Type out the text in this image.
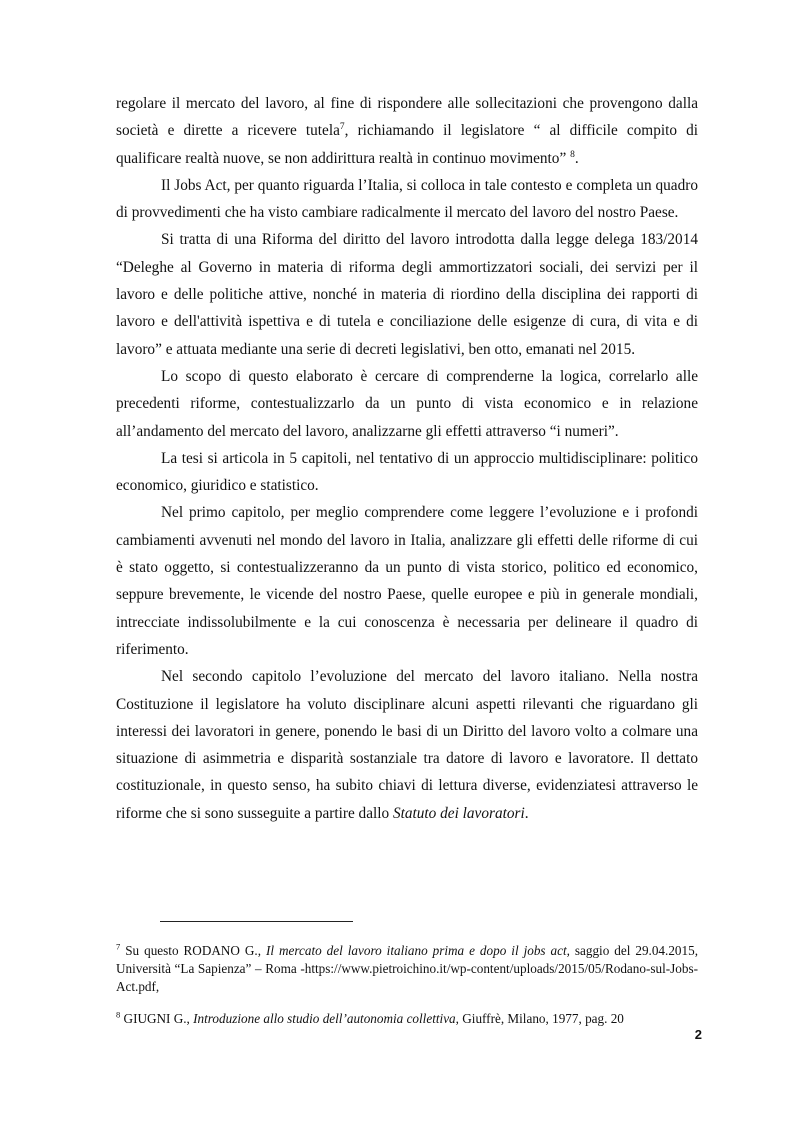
regolare il mercato del lavoro, al fine di rispondere alle sollecitazioni che provengono dalla società e dirette a ricevere tutela$^7$, richiamando il legislatore “ al difficile compito di qualificare realtà nuove, se non addirittura realtà in continuo movimento” $^8$.

Il Jobs Act, per quanto riguarda l’Italia, si colloca in tale contesto e completa un quadro di provvedimenti che ha visto cambiare radicalmente il mercato del lavoro del nostro Paese.

Si tratta di una Riforma del diritto del lavoro introdotta dalla legge delega 183/2014 “Deleghe al Governo in materia di riforma degli ammortizzatori sociali, dei servizi per il lavoro e delle politiche attive, nonché in materia di riordino della disciplina dei rapporti di lavoro e dell'attività ispettiva e di tutela e conciliazione delle esigenze di cura, di vita e di lavoro” e attuata mediante una serie di decreti legislativi, ben otto, emanati nel 2015.

Lo scopo di questo elaborato è cercare di comprenderne la logica, correlarlo alle precedenti riforme, contestualizzarlo da un punto di vista economico e in relazione all’andamento del mercato del lavoro, analizzarne gli effetti attraverso “i numeri”.

La tesi si articola in 5 capitoli, nel tentativo di un approccio multidisciplinare: politico economico, giuridico e statistico.

Nel primo capitolo, per meglio comprendere come leggere l’evoluzione e i profondi cambiamenti avvenuti nel mondo del lavoro in Italia, analizzare gli effetti delle riforme di cui è stato oggetto, si contestualizzeranno da un punto di vista storico, politico ed economico, seppure brevemente, le vicende del nostro Paese, quelle europee e più in generale mondiali, intrecciate indissolubilmente e la cui conoscenza è necessaria per delineare il quadro di riferimento.

Nel secondo capitolo l’evoluzione del mercato del lavoro italiano. Nella nostra Costituzione il legislatore ha voluto disciplinare alcuni aspetti rilevanti che riguardano gli interessi dei lavoratori in genere, ponendo le basi di un Diritto del lavoro volto a colmare una situazione di asimmetria e disparità sostanziale tra datore di lavoro e lavoratore. Il dettato costituzionale, in questo senso, ha subito chiavi di lettura diverse, evidenziatesi attraverso le riforme che si sono susseguite a partire dallo Statuto dei lavoratori.

$^7$ Su questo RODANO G., Il mercato del lavoro italiano prima e dopo il jobs act, saggio del 29.04.2015, Università “La Sapienza” – Roma -https://www.pietroichino.it/wp-content/uploads/2015/05/Rodano-sul-Jobs-Act.pdf,

$^8$ GIUGNI G., Introduzione allo studio dell’autonomia collettiva, Giuffrè, Milano, 1977, pag. 20

2
